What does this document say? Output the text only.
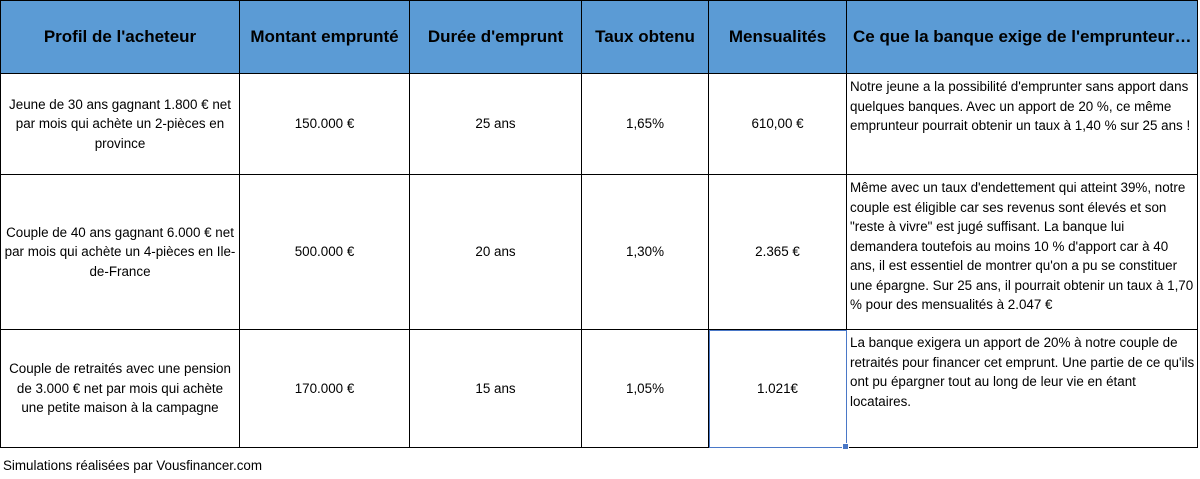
Profil de l'acheteur	Montant emprunté	Durée d'emprunt	Taux obtenu	Mensualités	Ce que la banque exige de l'emprunteur…
Jeune de 30 ans gagnant 1.800 € net par mois qui achète un 2-pièces en province	150.000 €	25 ans	1,65%	610,00 €	Notre jeune a la possibilité d'emprunter sans apport dans quelques banques. Avec un apport de 20 %, ce même emprunteur pourrait obtenir un taux à 1,40 % sur 25 ans !
Couple de 40 ans gagnant 6.000 € net par mois qui achète un 4-pièces en Ile-de-France	500.000 €	20 ans	1,30%	2.365 €	Même avec un taux d'endettement qui atteint 39%, notre couple est éligible car ses revenus sont élevés et son "reste à vivre" est jugé suffisant. La banque lui demandera toutefois au moins 10 % d'apport car à 40 ans, il est essentiel de montrer qu'on a pu se constituer une épargne. Sur 25 ans, il pourrait obtenir un taux à 1,70 % pour des mensualités à 2.047 €
Couple de retraités avec une pension de 3.000 € net par mois qui achète une petite maison à la campagne	170.000 €	15 ans	1,05%	1.021€	La banque exigera un apport de 20% à notre couple de retraités pour financer cet emprunt. Une partie de ce qu'ils ont pu épargner tout au long de leur vie en étant locataires.
Simulations réalisées par Vousfinancer.com
